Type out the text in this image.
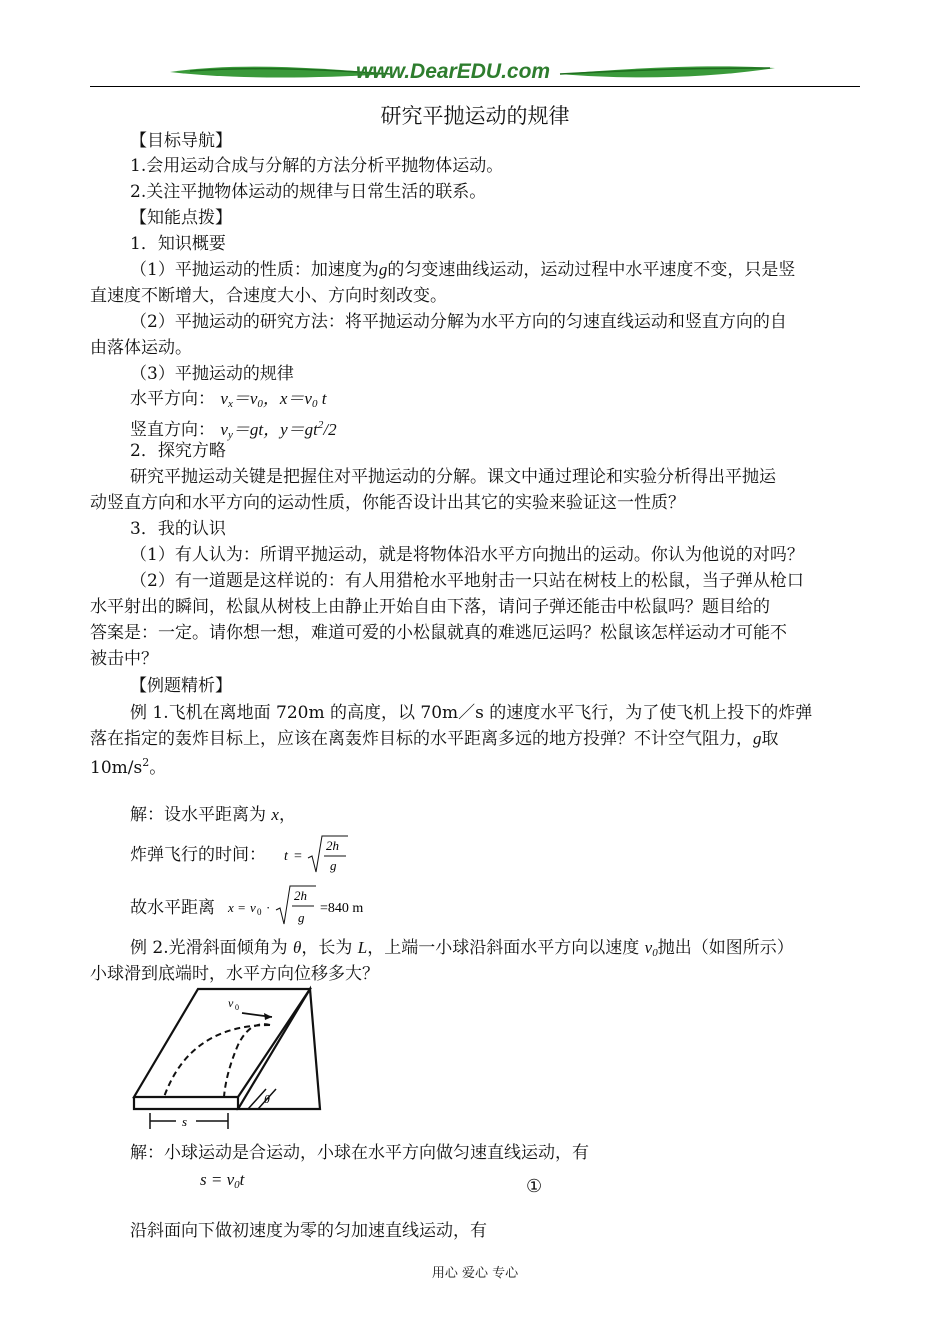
www.DearEDU.com
研究平抛运动的规律
【目标导航】
1.会用运动合成与分解的方法分析平抛物体运动。
2.关注平抛物体运动的规律与日常生活的联系。
【知能点拨】
1．知识概要
（1）平抛运动的性质：加速度为g的匀变速曲线运动，运动过程中水平速度不变，只是竖
直速度不断增大，合速度大小、方向时刻改变。
（2）平抛运动的研究方法：将平抛运动分解为水平方向的匀速直线运动和竖直方向的自
由落体运动。
（3）平抛运动的规律
水平方向： $v_x=v_0$，$x=v_0$ t
竖直方向： $v_y=gt$，$y=gt^2/2$
2．探究方略
研究平抛运动关键是把握住对平抛运动的分解。课文中通过理论和实验分析得出平抛运
动竖直方向和水平方向的运动性质，你能否设计出其它的实验来验证这一性质？
3．我的认识
（1）有人认为：所谓平抛运动，就是将物体沿水平方向抛出的运动。你认为他说的对吗？
（2）有一道题是这样说的：有人用猎枪水平地射击一只站在树枝上的松鼠，当子弹从枪口
水平射出的瞬间，松鼠从树枝上由静止开始自由下落，请问子弹还能击中松鼠吗？题目给的
答案是：一定。请你想一想，难道可爱的小松鼠就真的难逃厄运吗？松鼠该怎样运动才可能不
被击中？
【例题精析】
例 1.飞机在离地面 720m 的高度，以 70m／s 的速度水平飞行，为了使飞机上投下的炸弹
落在指定的轰炸目标上，应该在离轰炸目标的水平距离多远的地方投弹？不计空气阻力，g取
$10m/s^2$。
解：设水平距离为 x，
炸弹飞行的时间： t =
2h
g
故水平距离 x = v 0 ·
2h
g
=840 m
例 2.光滑斜面倾角为 θ，长为 L，上端一小球沿斜面水平方向以速度 $v_0$抛出（如图所示）
小球滑到底端时，水平方向位移多大？
v 0
θ
s
解：小球运动是合运动，小球在水平方向做匀速直线运动，有
$s = v_0t$	①
沿斜面向下做初速度为零的匀加速直线运动，有
用心 爱心 专心
